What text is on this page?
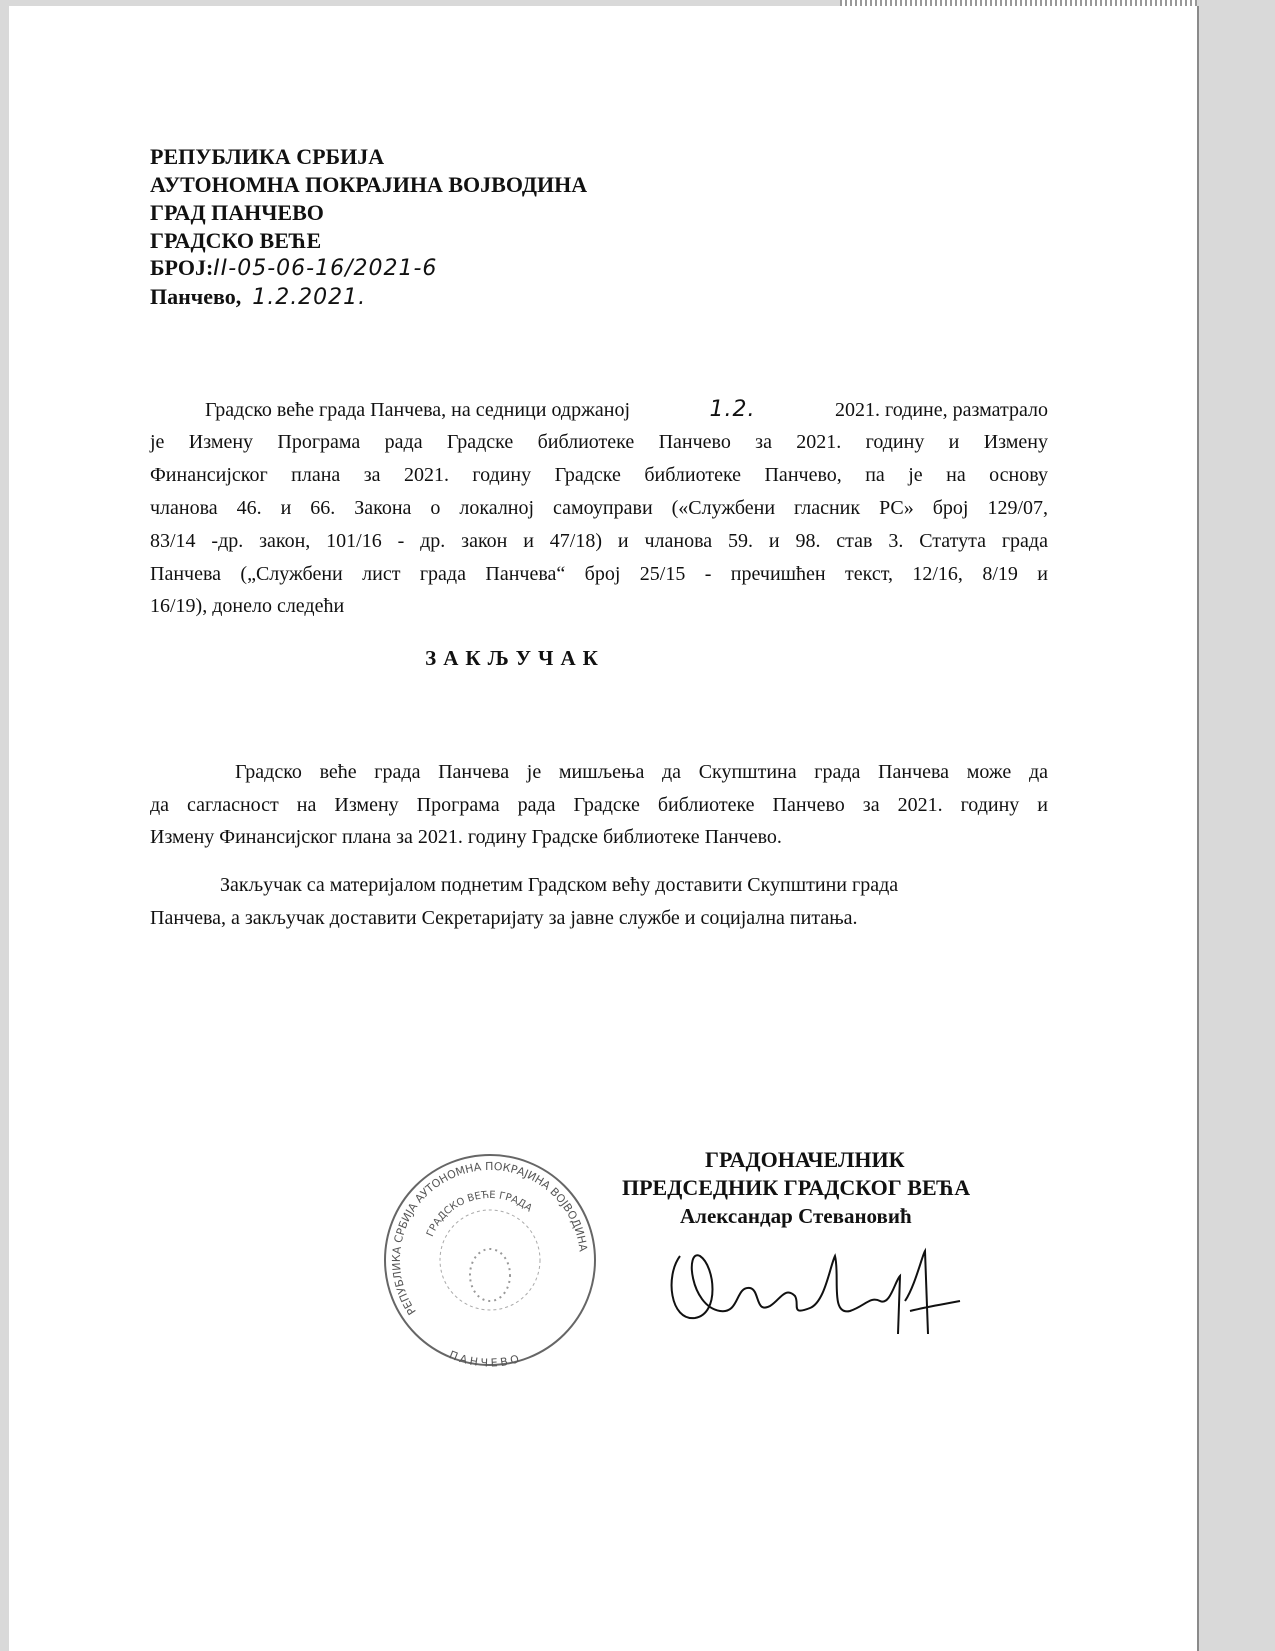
РЕПУБЛИКА СРБИЈА
АУТОНОМНА ПОКРАЈИНА ВОЈВОДИНА
ГРАД ПАНЧЕВО
ГРАДСКО ВЕЋЕ
БРОЈ:II-05-06-16/2021-6
Панчево, 1.2.2021.
Градско веће града Панчева, на седници одржаној	1.2.	2021. године, разматрало
је Измену Програма рада Градске библиотеке Панчево за 2021. годину и Измену
Финансијског плана за 2021. годину Градске библиотеке Панчево, па је на основу
чланова 46. и 66. Закона о локалној самоуправи («Службени гласник РС» број 129/07,
83/14 -др. закон, 101/16 - др. закон и 47/18) и чланова 59. и 98. став 3. Статута града
Панчева („Службени лист града Панчева“ број 25/15 - пречишћен текст, 12/16, 8/19 и
16/19), донело следећи
ЗАКЉУЧАК
Градско веће града Панчева је мишљења да Скупштина града Панчева може да
да сагласност на Измену Програма рада Градске библиотеке Панчево за 2021. годину и
Измену Финансијског плана за 2021. годину Градске библиотеке Панчево.
Закључак са материјалом поднетим Градском већу доставити Скупштини града
Панчева, а закључак доставити Секретаријату за јавне службе и социјална питања.
РЕПУБЛИКА СРБИЈА АУТОНОМНА ПОКРАЈИНА ВОЈВОДИНА
ГРАДСКО ВЕЋЕ ГРАДА
ПАНЧЕВО
ГРАДОНАЧЕЛНИК
ПРЕДСЕДНИК ГРАДСКОГ ВЕЋА
Александар Стевановић
